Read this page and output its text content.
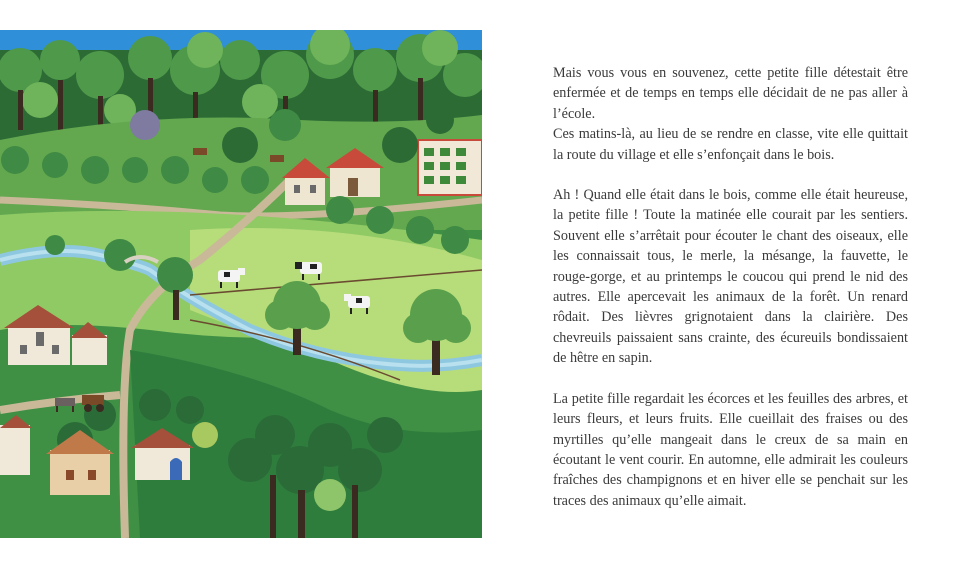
Mais vous vous en souvenez, cette petite fille détestait être enfermée et de temps en temps elle décidait de ne pas aller à l’école.

Ces matins-là, au lieu de se rendre en classe, vite elle quittait la route du village et elle s’enfonçait dans le bois.

Ah ! Quand elle était dans le bois, comme elle était heureuse, la petite fille ! Toute la matinée elle courait par les sentiers. Souvent elle s’arrêtait pour écouter le chant des oiseaux, elle les connaissait tous, le merle, la mésange, la fauvette, le rouge-gorge, et au printemps le coucou qui prend le nid des autres. Elle apercevait les animaux de la forêt. Un renard rôdait. Des lièvres grignotaient dans la clairière. Des chevreuils paissaient sans crainte, des écureuils bondissaient de hêtre en sapin.

La petite fille regardait les écorces et les feuilles des arbres, et leurs fleurs, et leurs fruits. Elle cueillait des fraises ou des myrtilles qu’elle mangeait dans le creux de sa main en écoutant le vent courir. En automne, elle admirait les couleurs fraîches des champignons et en hiver elle se penchait sur les traces des animaux qu’elle aimait.
